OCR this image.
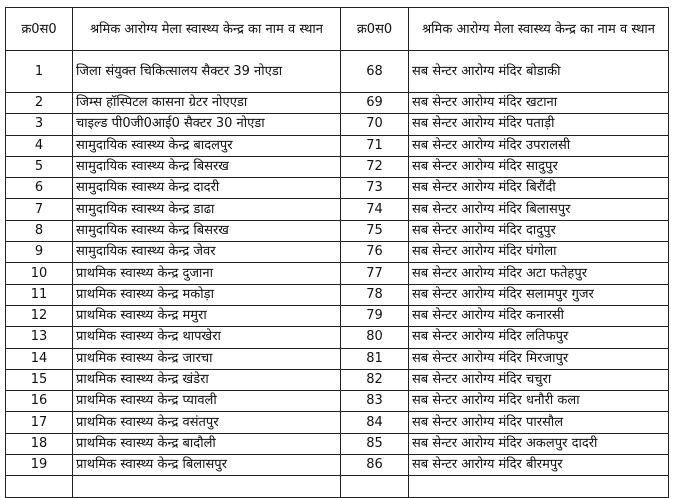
क्र0स0	श्रमिक आरोग्य मेला स्वास्थ्य केन्द्र का नाम व स्थान	क्र0स0	श्रमिक आरोग्य मेला स्वास्थ्य केन्द्र का नाम व स्थान
1	जिला संयुक्त चिकित्सालय सैक्टर 39 नोएडा	68	सब सेन्टर आरोग्य मंदिर बोडाकी
2	जिम्स हॉस्पिटल कासना ग्रेटर नोएएडा	69	सब सेन्टर आरोग्य मंदिर खटाना
3	चाइल्ड पी0जी0आई0 सैक्टर 30 नोएडा	70	सब सेन्टर आरोग्य मंदिर पताड़ी
4	सामुदायिक स्वास्थ्य केन्द्र बादलपुर	71	सब सेन्टर आरोग्य मंदिर उपरालसी
5	सामुदायिक स्वास्थ्य केन्द्र बिसरख	72	सब सेन्टर आरोग्य मंदिर सादुपुर
6	सामुदायिक स्वास्थ्य केन्द्र दादरी	73	सब सेन्टर आरोग्य मंदिर बिरौंदी
7	सामुदायिक स्वास्थ्य केन्द्र डाढा	74	सब सेन्टर आरोग्य मंदिर बिलासपुर
8	सामुदायिक स्वास्थ्य केन्द्र बिसरख	75	सब सेन्टर आरोग्य मंदिर दादुपुर
9	सामुदायिक स्वास्थ्य केन्द्र जेवर	76	सब सेन्टर आरोग्य मंदिर घंगोला
10	प्राथमिक स्वास्थ्य केन्द्र दुजाना	77	सब सेन्टर आरोग्य मंदिर अटा फतेहपुर
11	प्राथमिक स्वास्थ्य केन्द्र मकोड़ा	78	सब सेन्टर आरोग्य मंदिर सलामपुर गुजर
12	प्राथमिक स्वास्थ्य केन्द्र ममुरा	79	सब सेन्टर आरोग्य मंदिर कनारसी
13	प्राथमिक स्वास्थ्य केन्द्र थापखेरा	80	सब सेन्टर आरोग्य मंदिर लतिफपुर
14	प्राथमिक स्वास्थ्य केन्द्र जारचा	81	सब सेन्टर आरोग्य मंदिर मिरजापुर
15	प्राथमिक स्वास्थ्य केन्द्र खंडेरा	82	सब सेन्टर आरोग्य मंदिर चचुरा
16	प्राथमिक स्वास्थ्य केन्द्र प्यावली	83	सब सेन्टर आरोग्य मंदिर धनौरी कला
17	प्राथमिक स्वास्थ्य केन्द्र वसंतपुर	84	सब सेन्टर आरोग्य मंदिर पारसौल
18	प्राथमिक स्वास्थ्य केन्द्र बादौली	85	सब सेन्टर आरोग्य मंदिर अकलपुर दादरी
19	प्राथमिक स्वास्थ्य केन्द्र बिलासपुर	86	सब सेन्टर आरोग्य मंदिर बीरमपुर
